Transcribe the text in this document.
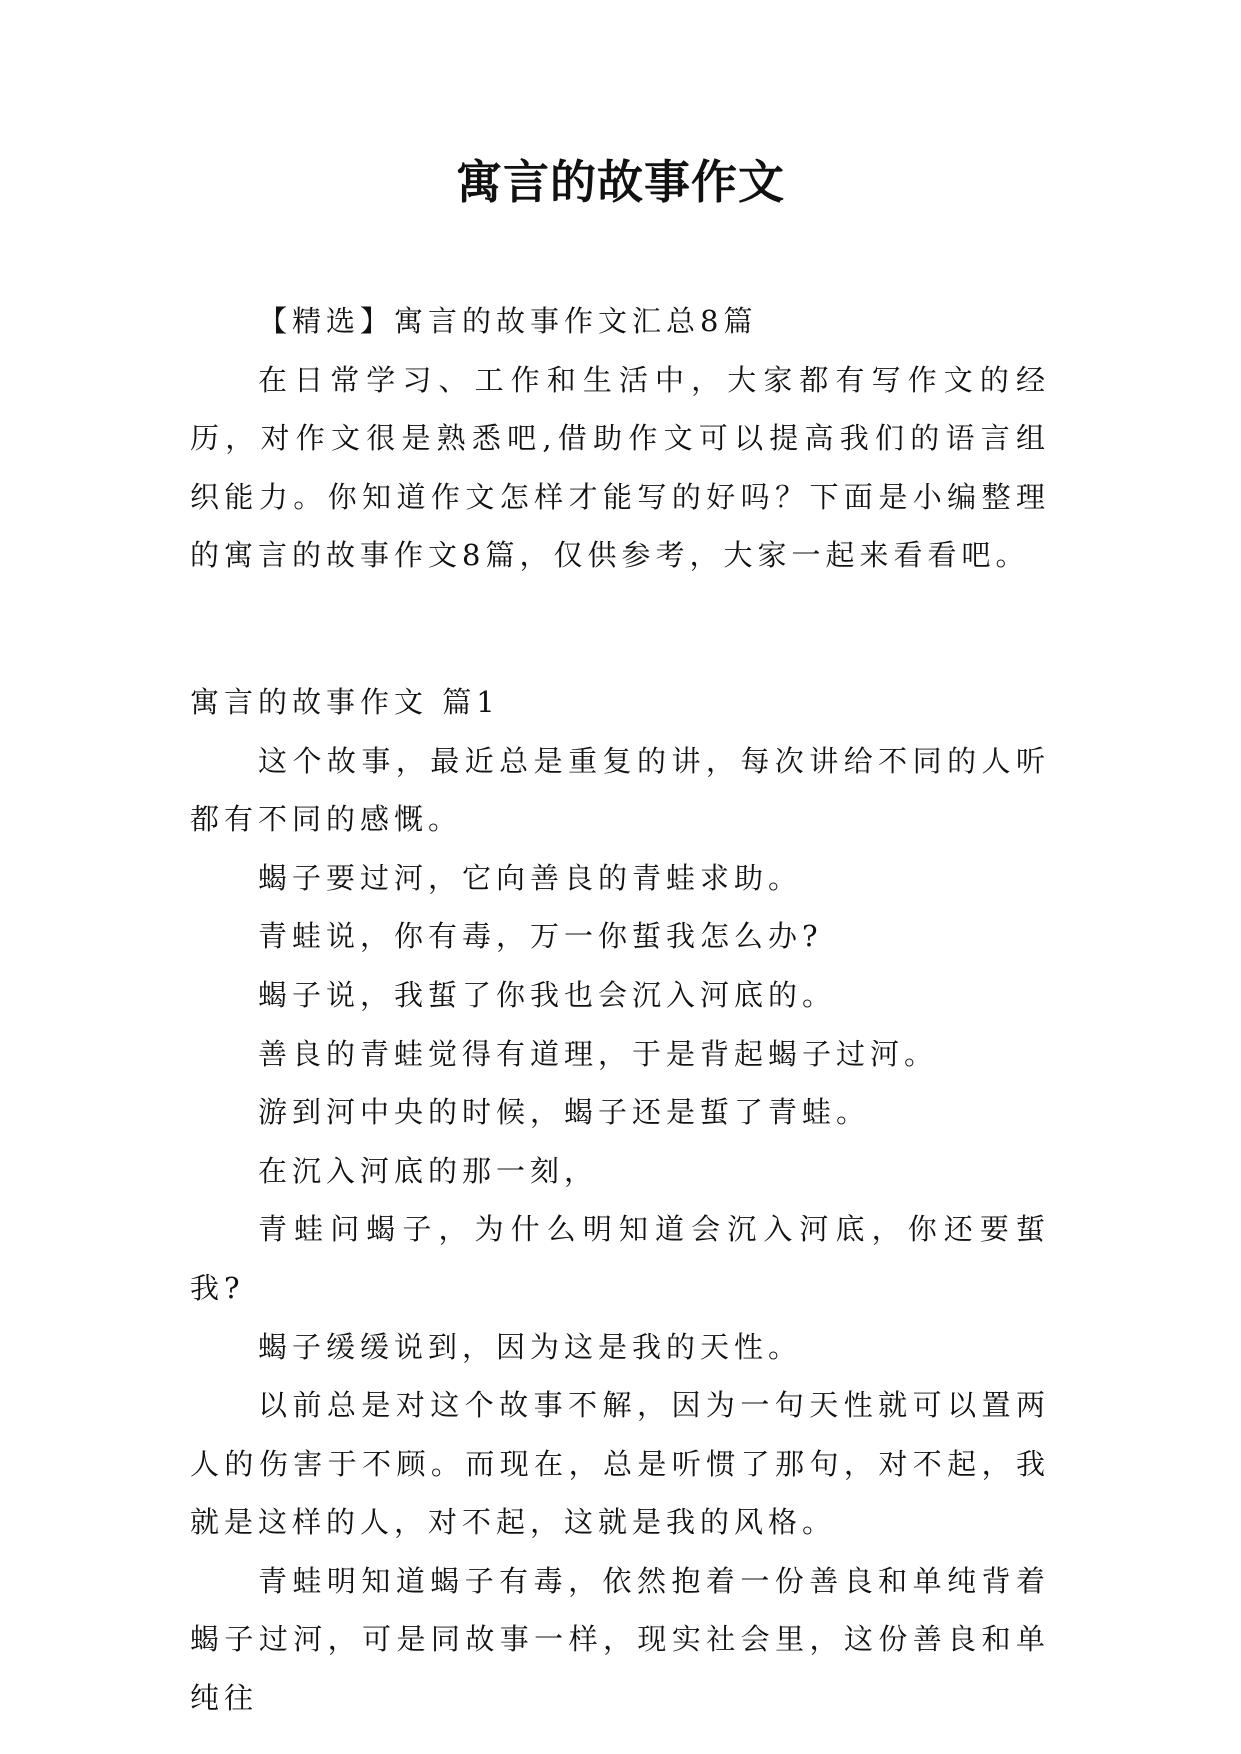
寓言的故事作文

【精选】寓言的故事作文汇总8篇

在日常学习、工作和生活中，大家都有写作文的经历，对作文很是熟悉吧,借助作文可以提高我们的语言组织能力。你知道作文怎样才能写的好吗？下面是小编整理的寓言的故事作文8篇，仅供参考，大家一起来看看吧。

寓言的故事作文 篇1

这个故事，最近总是重复的讲，每次讲给不同的人听都有不同的感慨。

蝎子要过河，它向善良的青蛙求助。

青蛙说，你有毒，万一你蜇我怎么办?

蝎子说，我蜇了你我也会沉入河底的。

善良的青蛙觉得有道理，于是背起蝎子过河。

游到河中央的时候，蝎子还是蜇了青蛙。

在沉入河底的那一刻，

青蛙问蝎子，为什么明知道会沉入河底，你还要蜇我?

蝎子缓缓说到，因为这是我的天性。

以前总是对这个故事不解，因为一句天性就可以置两人的伤害于不顾。而现在，总是听惯了那句，对不起，我就是这样的人，对不起，这就是我的风格。

青蛙明知道蝎子有毒，依然抱着一份善良和单纯背着蝎子过河，可是同故事一样，现实社会里，这份善良和单纯往
